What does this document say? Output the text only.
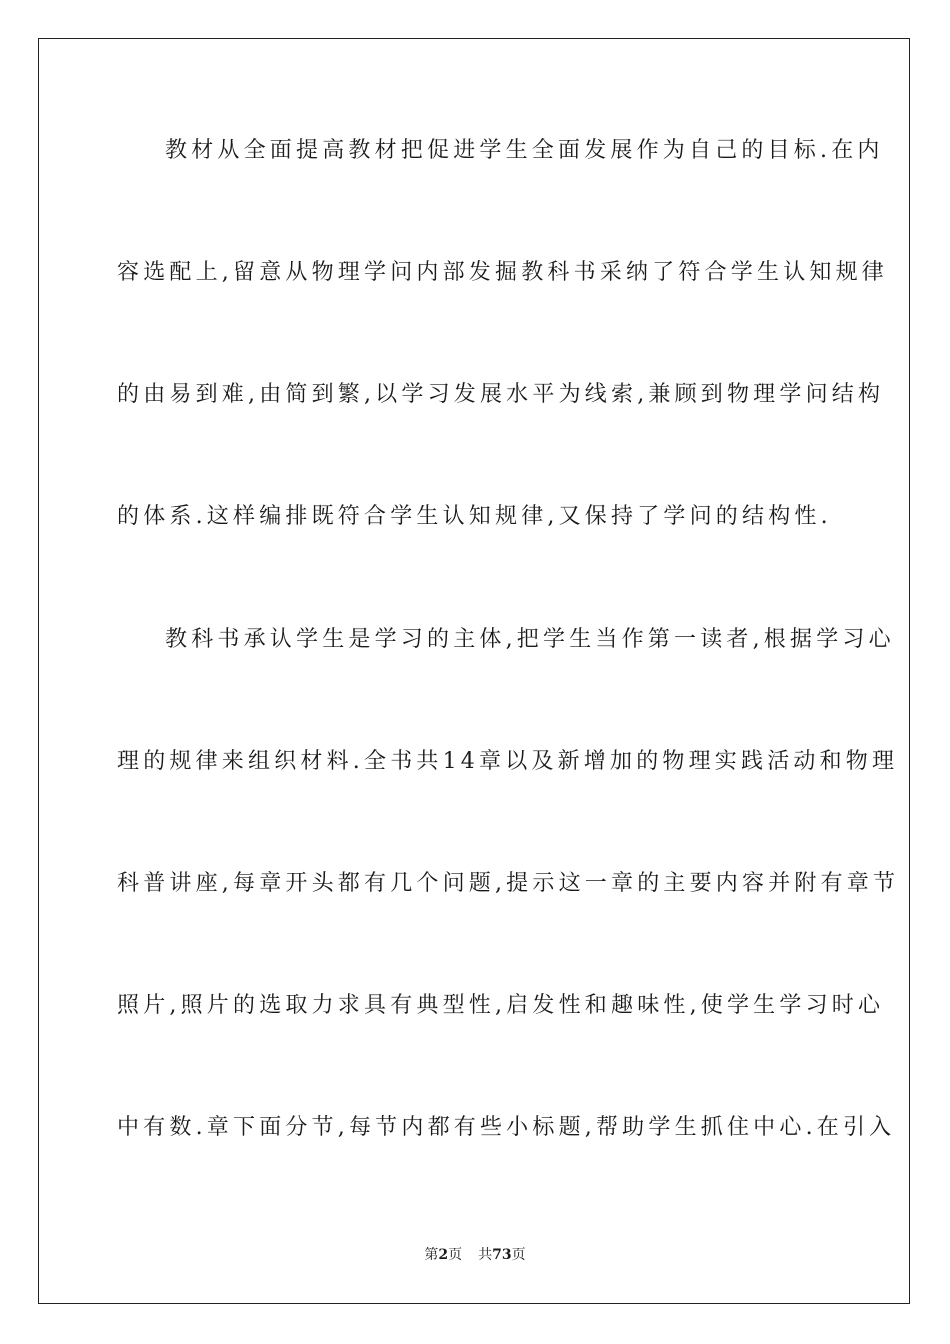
教材从全面提高教材把促进学生全面发展作为自己的目标.在内
容选配上,留意从物理学问内部发掘教科书采纳了符合学生认知规律
的由易到难,由简到繁,以学习发展水平为线索,兼顾到物理学问结构
的体系.这样编排既符合学生认知规律,又保持了学问的结构性.
教科书承认学生是学习的主体,把学生当作第一读者,根据学习心
理的规律来组织材料.全书共14章以及新增加的物理实践活动和物理
科普讲座,每章开头都有几个问题,提示这一章的主要内容并附有章节
照片,照片的选取力求具有典型性,启发性和趣味性,使学生学习时心
中有数.章下面分节,每节内都有些小标题,帮助学生抓住中心.在引入
第2页 共73页
